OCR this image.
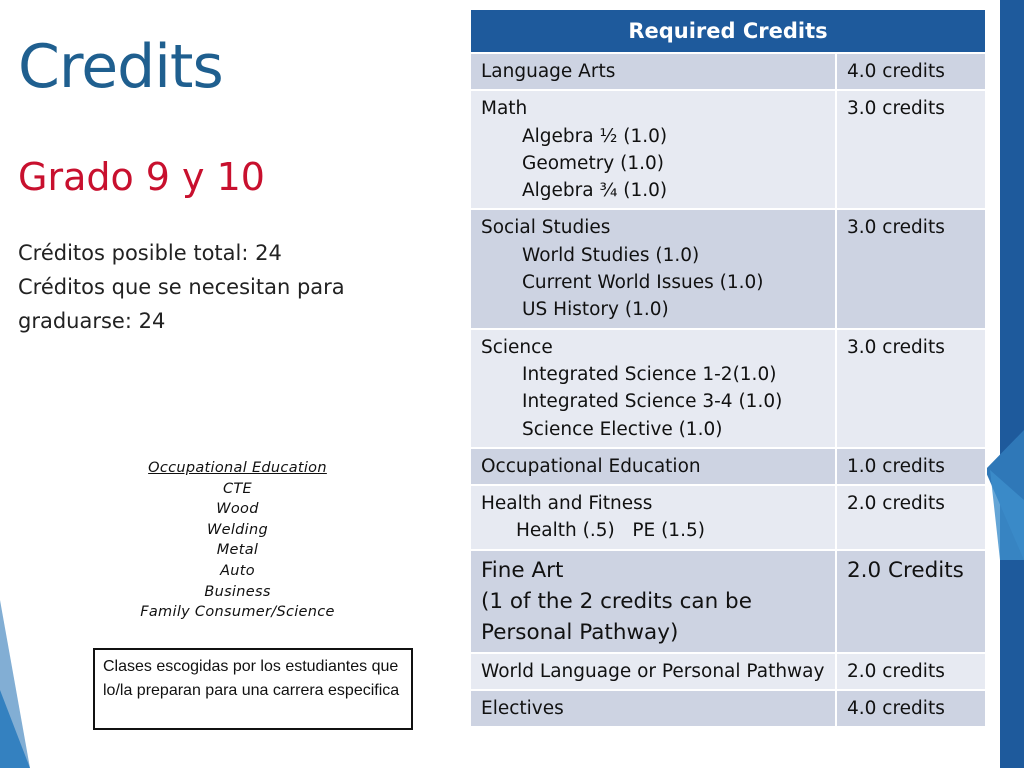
Credits
Grado 9 y 10
Créditos posible total: 24
Créditos que se necesitan para
graduarse: 24
Occupational Education
CTE
Wood
Welding
Metal
Auto
Business
Family Consumer/Science
Clases escogidas por los estudiantes que lo/la preparan para una carrera especifica
Required Credits	

Language Arts	4.0 credits

Math
Algebra ½ (1.0)
Geometry (1.0)
Algebra ¾ (1.0)	3.0 credits

Social Studies
World Studies (1.0)
Current World Issues (1.0)
US History (1.0)	3.0 credits

Science
Integrated Science 1-2(1.0)
Integrated Science 3-4 (1.0)
Science Elective (1.0)	3.0 credits

Occupational Education	1.0 credits

Health and Fitness
Health (.5)   PE (1.5)	2.0 credits

Fine Art
(1 of the 2 credits can be
Personal Pathway)	2.0 Credits

World Language or Personal Pathway	2.0 credits

Electives	4.0 credits
